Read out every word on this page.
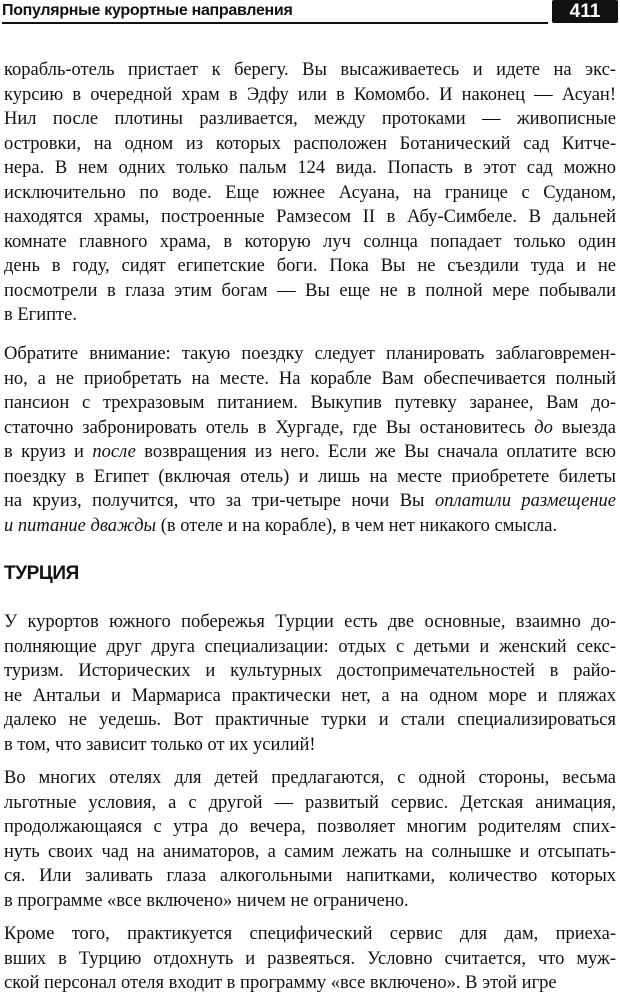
Популярные курортные направления	411
корабль-отель пристает к берегу. Вы высаживаетесь и идете на экс-
курсию в очередной храм в Эдфу или в Комомбо. И наконец — Асуан!
Нил после плотины разливается, между протоками — живописные
островки, на одном из которых расположен Ботанический сад Китче-
нера. В нем одних только пальм 124 вида. Попасть в этот сад можно
исключительно по воде. Еще южнее Асуана, на границе с Суданом,
находятся храмы, построенные Рамзесом II в Абу-Симбеле. В дальней
комнате главного храма, в которую луч солнца попадает только один
день в году, сидят египетские боги. Пока Вы не съездили туда и не
посмотрели в глаза этим богам — Вы еще не в полной мере побывали
в Египте.
Обратите внимание: такую поездку следует планировать заблаговремен-
но, а не приобретать на месте. На корабле Вам обеспечивается полный
пансион с трехразовым питанием. Выкупив путевку заранее, Вам до-
статочно забронировать отель в Хургаде, где Вы остановитесь до выезда
в круиз и после возвращения из него. Если же Вы сначала оплатите всю
поездку в Египет (включая отель) и лишь на месте приобретете билеты
на круиз, получится, что за три-четыре ночи Вы оплатили размещение
и питание дважды (в отеле и на корабле), в чем нет никакого смысла.
ТУРЦИЯ
У курортов южного побережья Турции есть две основные, взаимно до-
полняющие друг друга специализации: отдых с детьми и женский секс-
туризм. Исторических и культурных достопримечательностей в райо-
не Антальи и Мармариса практически нет, а на одном море и пляжах
далеко не уедешь. Вот практичные турки и стали специализироваться
в том, что зависит только от их усилий!
Во многих отелях для детей предлагаются, с одной стороны, весьма
льготные условия, а с другой — развитый сервис. Детская анимация,
продолжающаяся с утра до вечера, позволяет многим родителям спих-
нуть своих чад на аниматоров, а самим лежать на солнышке и отсыпать-
ся. Или заливать глаза алкогольными напитками, количество которых
в программе «все включено» ничем не ограничено.
Кроме того, практикуется специфический сервис для дам, приеха-
вших в Турцию отдохнуть и развеяться. Условно считается, что муж-
ской персонал отеля входит в программу «все включено». В этой игре
